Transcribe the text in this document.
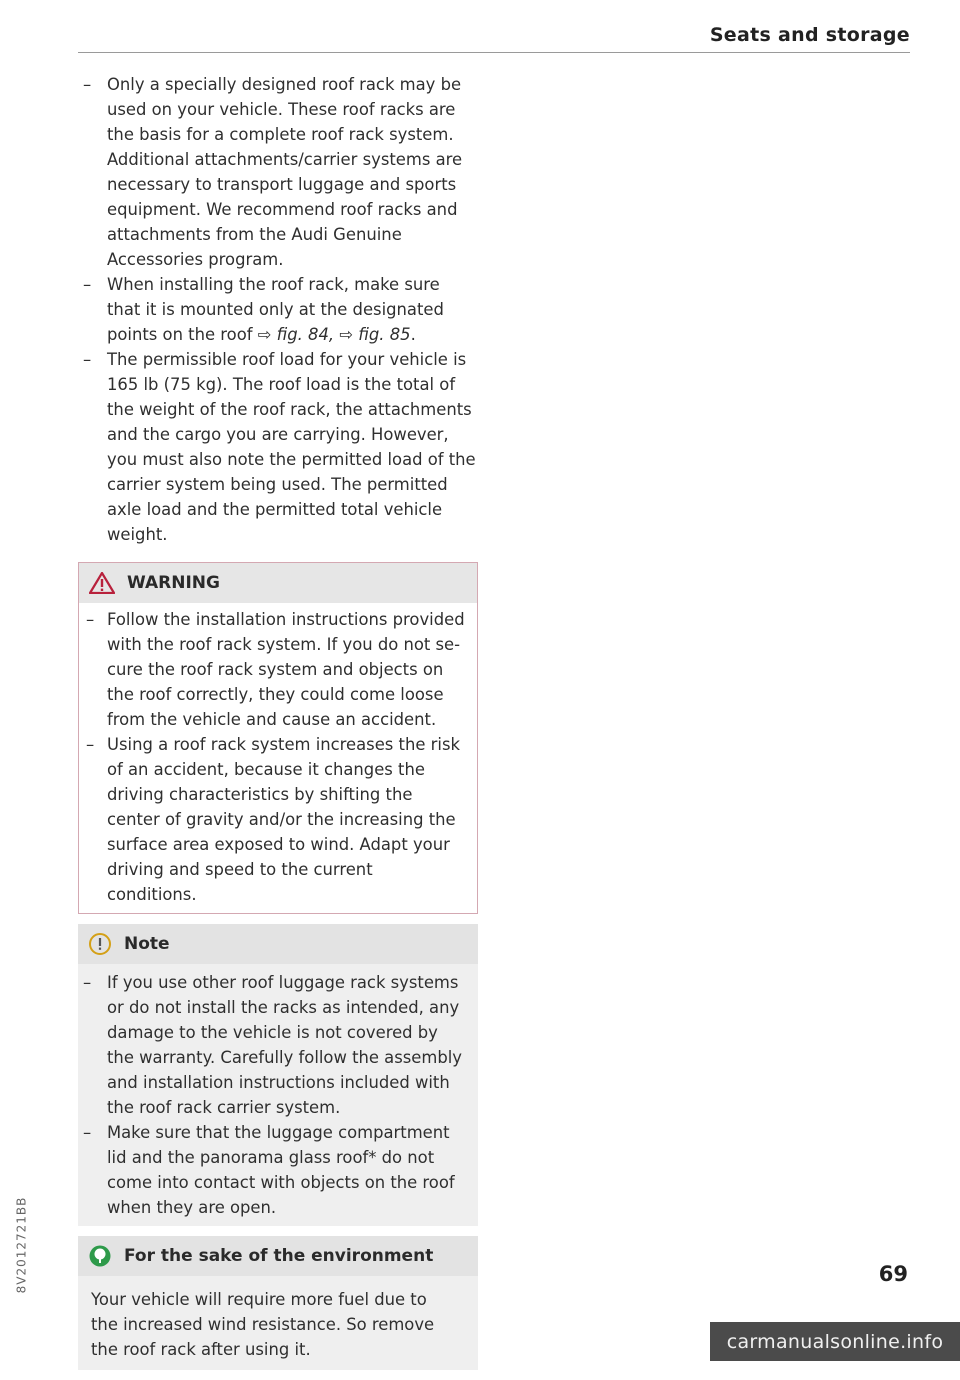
Seats and storage
– Only a specially designed roof rack may be used on your vehicle. These roof racks are the basis for a complete roof rack system. Additional attachments/carrier systems are necessary to transport luggage and sports equipment. We recommend roof racks and attachments from the Audi Genuine Accessories program.
– When installing the roof rack, make sure that it is mounted only at the designated points on the roof ⇨ fig. 84, ⇨ fig. 85.
– The permissible roof load for your vehicle is 165 lb (75 kg). The roof load is the total of the weight of the roof rack, the attachments and the cargo you are carrying. However, you must also note the permitted load of the carrier system being used. The permitted axle load and the permitted total vehicle weight.
WARNING
– Follow the installation instructions provided with the roof rack system. If you do not secure the roof rack system and objects on the roof correctly, they could come loose from the vehicle and cause an accident.
– Using a roof rack system increases the risk of an accident, because it changes the driving characteristics by shifting the center of gravity and/or the increasing the surface area exposed to wind. Adapt your driving and speed to the current conditions.
Note
– If you use other roof luggage rack systems or do not install the racks as intended, any damage to the vehicle is not covered by the warranty. Carefully follow the assembly and installation instructions included with the roof rack carrier system.
– Make sure that the luggage compartment lid and the panorama glass roof* do not come into contact with objects on the roof when they are open.
For the sake of the environment
Your vehicle will require more fuel due to the increased wind resistance. So remove the roof rack after using it.
8V2012721BB	69
carmanualsonline.info
